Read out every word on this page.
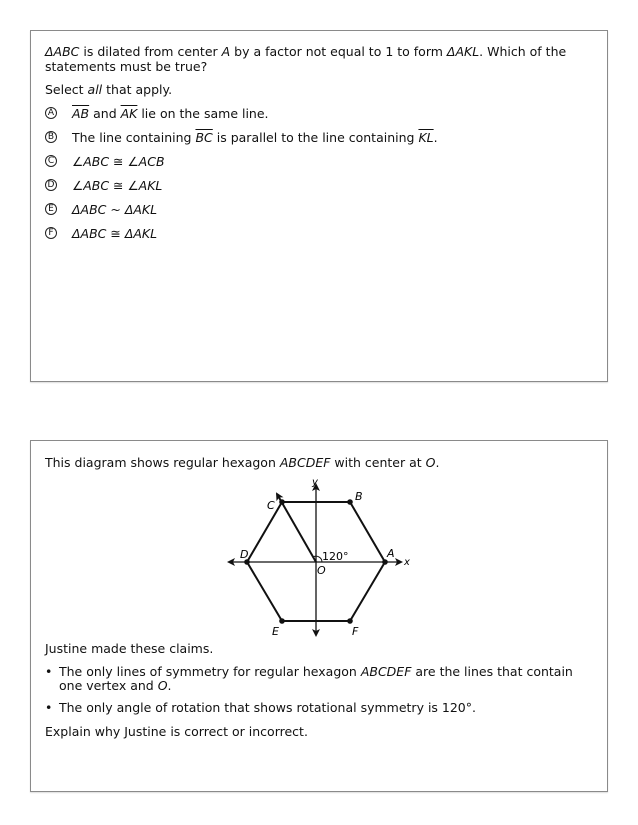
ΔABC is dilated from center A by a factor not equal to 1 to form ΔAKL. Which of the
statements must be true?
Select all that apply.
A $\overline{AB}$ and $\overline{AK}$ lie on the same line.
B The line containing $\overline{BC}$ is parallel to the line containing $\overline{KL}$.
C ∠ABC ≅ ∠ACB
D ∠ABC ≅ ∠AKL
E ΔABC ~ ΔAKL
F ΔABC ≅ ΔAKL
This diagram shows regular hexagon ABCDEF with center at O.
A
B
C
D
E	F
O
x
y
120°
Justine made these claims.
• The only lines of symmetry for regular hexagon ABCDEF are the lines that contain
one vertex and O.
• The only angle of rotation that shows rotational symmetry is 120°.
Explain why Justine is correct or incorrect.
